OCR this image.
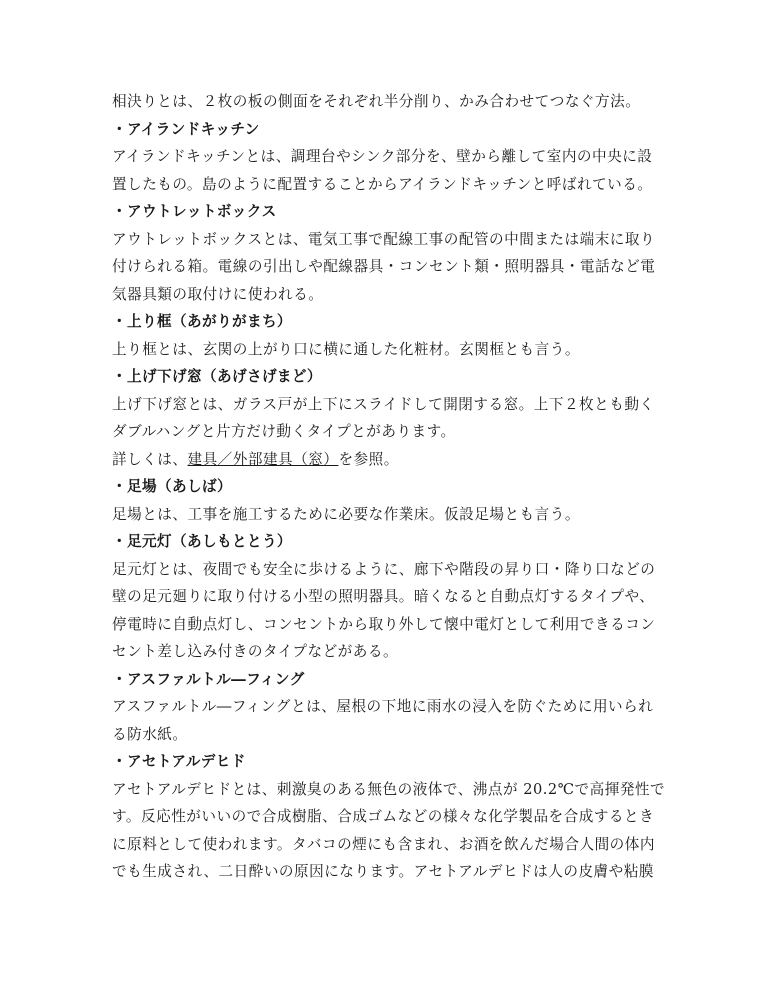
相決りとは、２枚の板の側面をそれぞれ半分削り、かみ合わせてつなぐ方法。
・アイランドキッチン
アイランドキッチンとは、調理台やシンク部分を、壁から離して室内の中央に設
置したもの。島のように配置することからアイランドキッチンと呼ばれている。
・アウトレットボックス
アウトレットボックスとは、電気工事で配線工事の配管の中間または端末に取り
付けられる箱。電線の引出しや配線器具・コンセント類・照明器具・電話など電
気器具類の取付けに使われる。
・上り框（あがりがまち）
上り框とは、玄関の上がり口に横に通した化粧材。玄関框とも言う。
・上げ下げ窓（あげさげまど）
上げ下げ窓とは、ガラス戸が上下にスライドして開閉する窓。上下２枚とも動く
ダブルハングと片方だけ動くタイプとがあります。
詳しくは、建具／外部建具（窓）を参照。
・足場（あしば）
足場とは、工事を施工するために必要な作業床。仮設足場とも言う。
・足元灯（あしもととう）
足元灯とは、夜間でも安全に歩けるように、廊下や階段の昇り口・降り口などの
壁の足元廻りに取り付ける小型の照明器具。暗くなると自動点灯するタイプや、
停電時に自動点灯し、コンセントから取り外して懐中電灯として利用できるコン
セント差し込み付きのタイプなどがある。
・アスファルトル―フィング
アスファルトル―フィングとは、屋根の下地に雨水の浸入を防ぐために用いられ
る防水紙。
・アセトアルデヒド
アセトアルデヒドとは、刺激臭のある無色の液体で、沸点が 20.2℃で高揮発性で
す。反応性がいいので合成樹脂、合成ゴムなどの様々な化学製品を合成するとき
に原料として使われます。タバコの煙にも含まれ、お酒を飲んだ場合人間の体内
でも生成され、二日酔いの原因になります。アセトアルデヒドは人の皮膚や粘膜
